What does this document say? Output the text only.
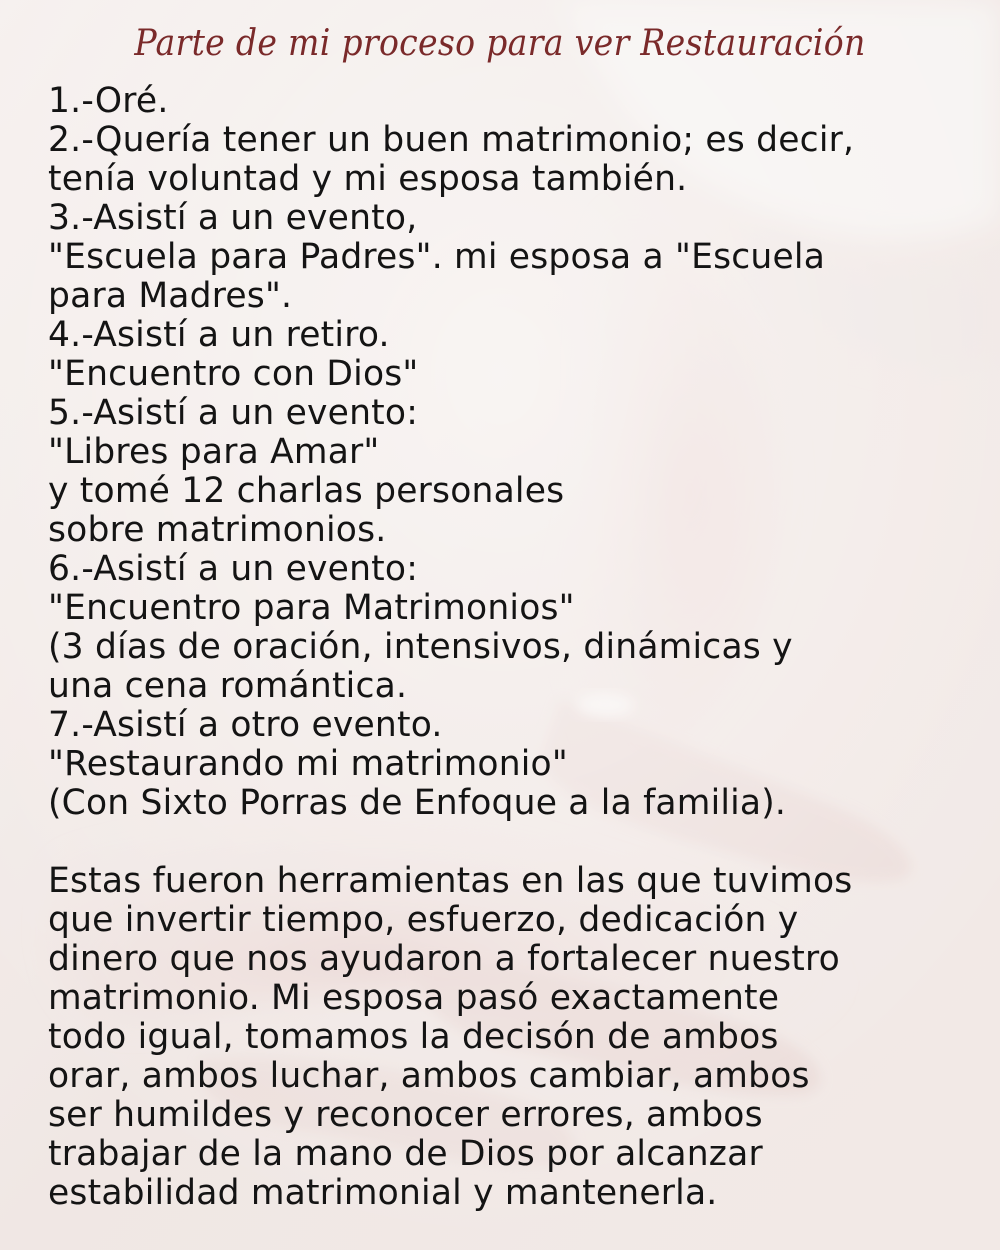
Parte de mi proceso para ver Restauración
1.-Oré.
2.-Quería tener un buen matrimonio; es decir,
tenía voluntad y mi esposa también.
3.-Asistí a un evento,
"Escuela para Padres". mi esposa a "Escuela
para Madres".
4.-Asistí a un retiro.
"Encuentro con Dios"
5.-Asistí a un evento:
"Libres para Amar"
y tomé 12 charlas personales
sobre matrimonios.
6.-Asistí a un evento:
"Encuentro para Matrimonios"
(3 días de oración, intensivos, dinámicas y
una cena romántica.
7.-Asistí a otro evento.
"Restaurando mi matrimonio"
(Con Sixto Porras de Enfoque a la familia).
Estas fueron herramientas en las que tuvimos
que invertir tiempo, esfuerzo, dedicación y
dinero que nos ayudaron a fortalecer nuestro
matrimonio. Mi esposa pasó exactamente
todo igual, tomamos la decisón de ambos
orar, ambos luchar, ambos cambiar, ambos
ser humildes y reconocer errores, ambos
trabajar de la mano de Dios por alcanzar
estabilidad matrimonial y mantenerla.
